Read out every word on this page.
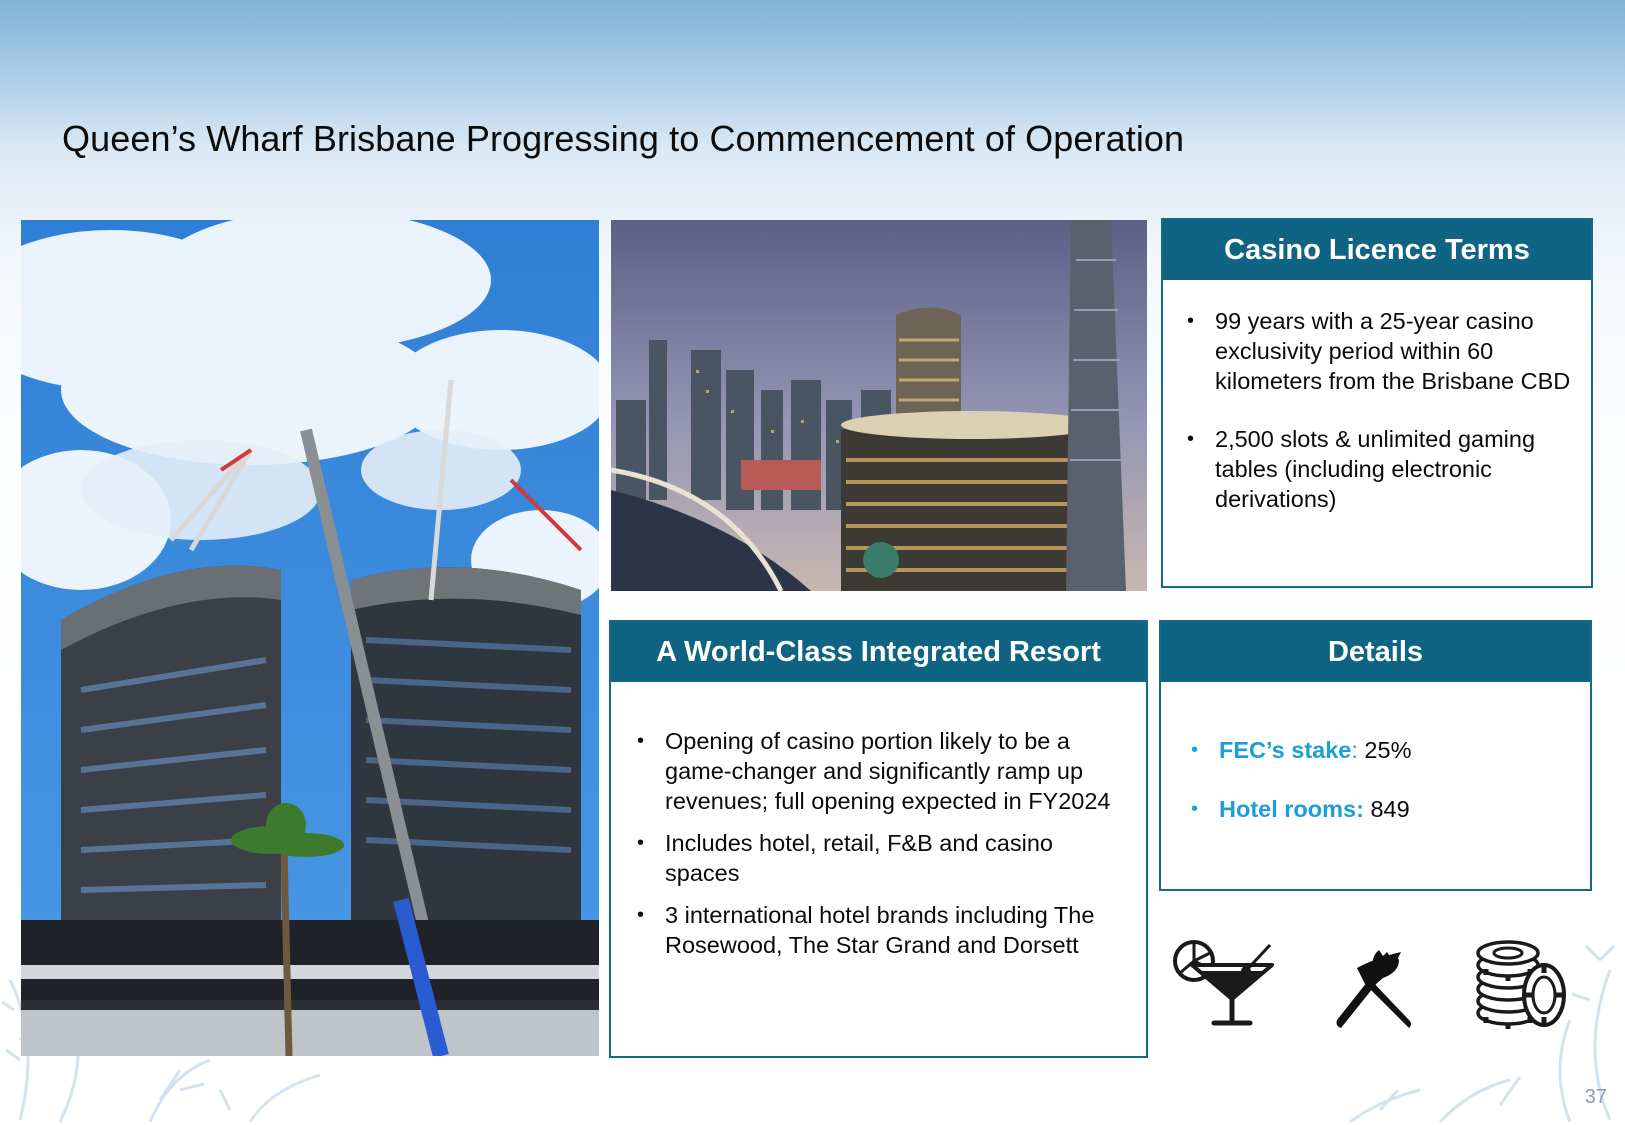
Queen’s Wharf Brisbane Progressing to Commencement of Operation
Casino Licence Terms
• 99 years with a 25-year casino exclusivity period within 60 kilometers from the Brisbane CBD
• 2,500 slots & unlimited gaming tables (including electronic derivations)
A World-Class Integrated Resort
• Opening of casino portion likely to be a game-changer and significantly ramp up revenues; full opening expected in FY2024
• Includes hotel, retail, F&B and casino spaces
• 3 international hotel brands including The Rosewood, The Star Grand and Dorsett
Details
• FEC’s stake: 25%
• Hotel rooms: 849
37
